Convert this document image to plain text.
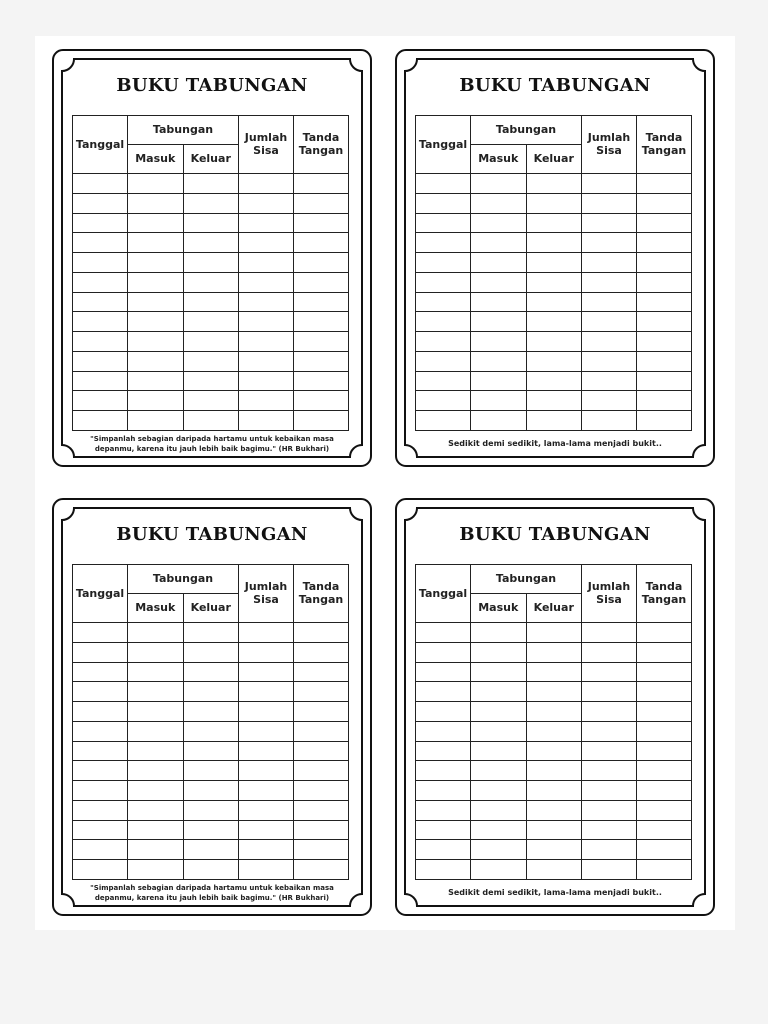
BUKU TABUNGAN
Tanggal	Tabungan		Jumlah Sisa	Tanda Tangan
	Masuk	Keluar		

"Simpanlah sebagian daripada hartamu untuk kebaikan masa depanmu, karena itu jauh lebih baik bagimu." (HR Bukhari)
BUKU TABUNGAN
Tanggal	Tabungan		Jumlah Sisa	Tanda Tangan
	Masuk	Keluar		

Sedikit demi sedikit, lama-lama menjadi bukit..
BUKU TABUNGAN
Tanggal	Tabungan		Jumlah Sisa	Tanda Tangan
	Masuk	Keluar		

"Simpanlah sebagian daripada hartamu untuk kebaikan masa depanmu, karena itu jauh lebih baik bagimu." (HR Bukhari)
BUKU TABUNGAN
Tanggal	Tabungan		Jumlah Sisa	Tanda Tangan
	Masuk	Keluar		

Sedikit demi sedikit, lama-lama menjadi bukit..
